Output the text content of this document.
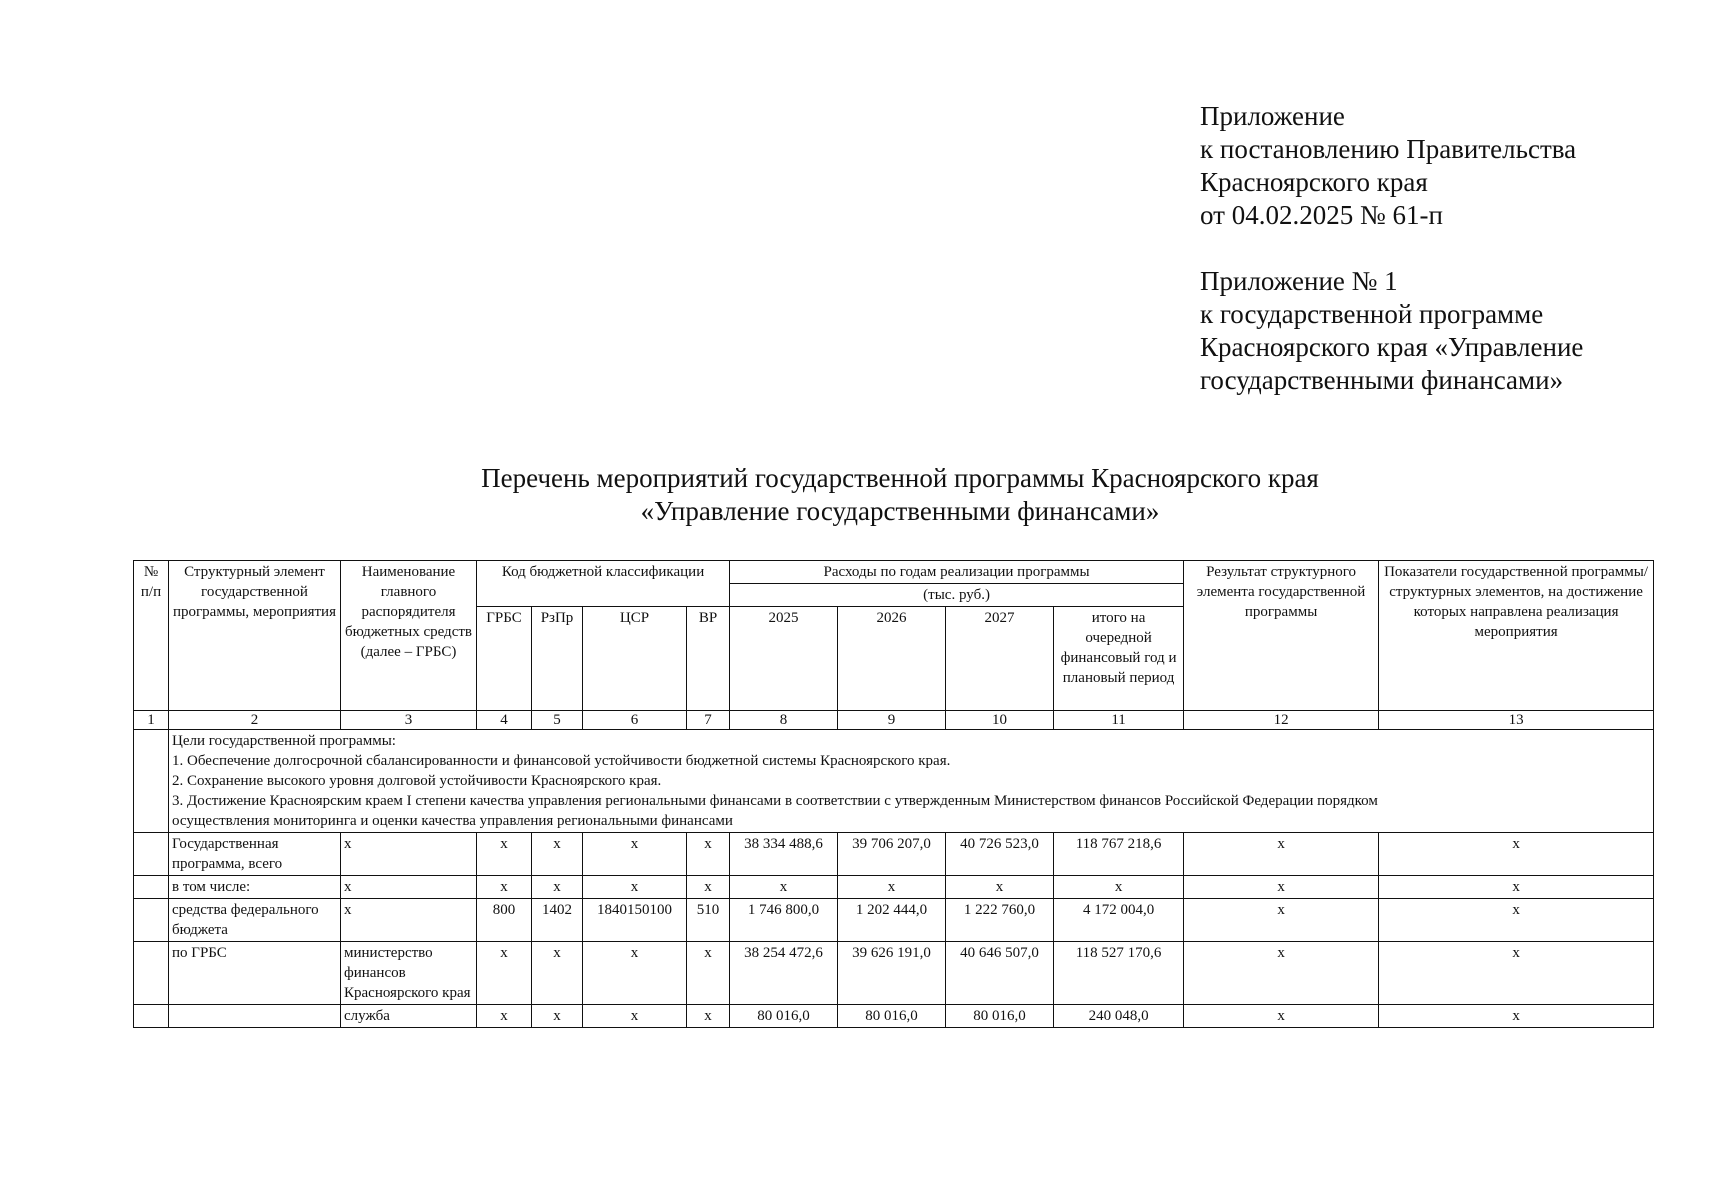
Приложение
к постановлению Правительства
Красноярского края
от 04.02.2025 № 61-п
Приложение № 1
к государственной программе
Красноярского края «Управление
государственными финансами»
Перечень мероприятий государственной программы Красноярского края
«Управление государственными финансами»
№ п/п	Структурный элемент государственной программы, мероприятия	Наименование главного распорядителя бюджетных средств (далее – ГРБС)	Код бюджетной классификации				Расходы по годам реализации программы				Результат структурного элемента государственной программы	Показатели государственной программы/структурных элементов, на достижение которых направлена реализация мероприятия
							(тыс. руб.)					
			ГРБС	РзПр	ЦСР	ВР	2025	2026	2027	итого на очередной финансовый год и плановый период		
1	2	3	4	5	6	7	8	9	10	11	12	13

	Цели государственной программы:
1. Обеспечение долгосрочной сбалансированности и финансовой устойчивости бюджетной системы Красноярского края.
2. Сохранение высокого уровня долговой устойчивости Красноярского края.
3. Достижение Красноярским краем I степени качества управления региональными финансами в соответствии с утвержденным Министерством финансов Российской Федерации порядком
осуществления мониторинга и оценки качества управления региональными финансами											

	Государственная программа, всего	x	x	x	x	x	38 334 488,6	39 706 207,0	40 726 523,0	118 767 218,6	x	x
	в том числе:	x	x	x	x	x	x	x	x	x	x	x
	средства федерального бюджета	x	800	1402	1840150100	510	1 746 800,0	1 202 444,0	1 222 760,0	4 172 004,0	x	x
	по ГРБС	министерство финансов Красноярского края	x	x	x	x	38 254 472,6	39 626 191,0	40 646 507,0	118 527 170,6	x	x
		служба	x	x	x	x	80 016,0	80 016,0	80 016,0	240 048,0	x	x
